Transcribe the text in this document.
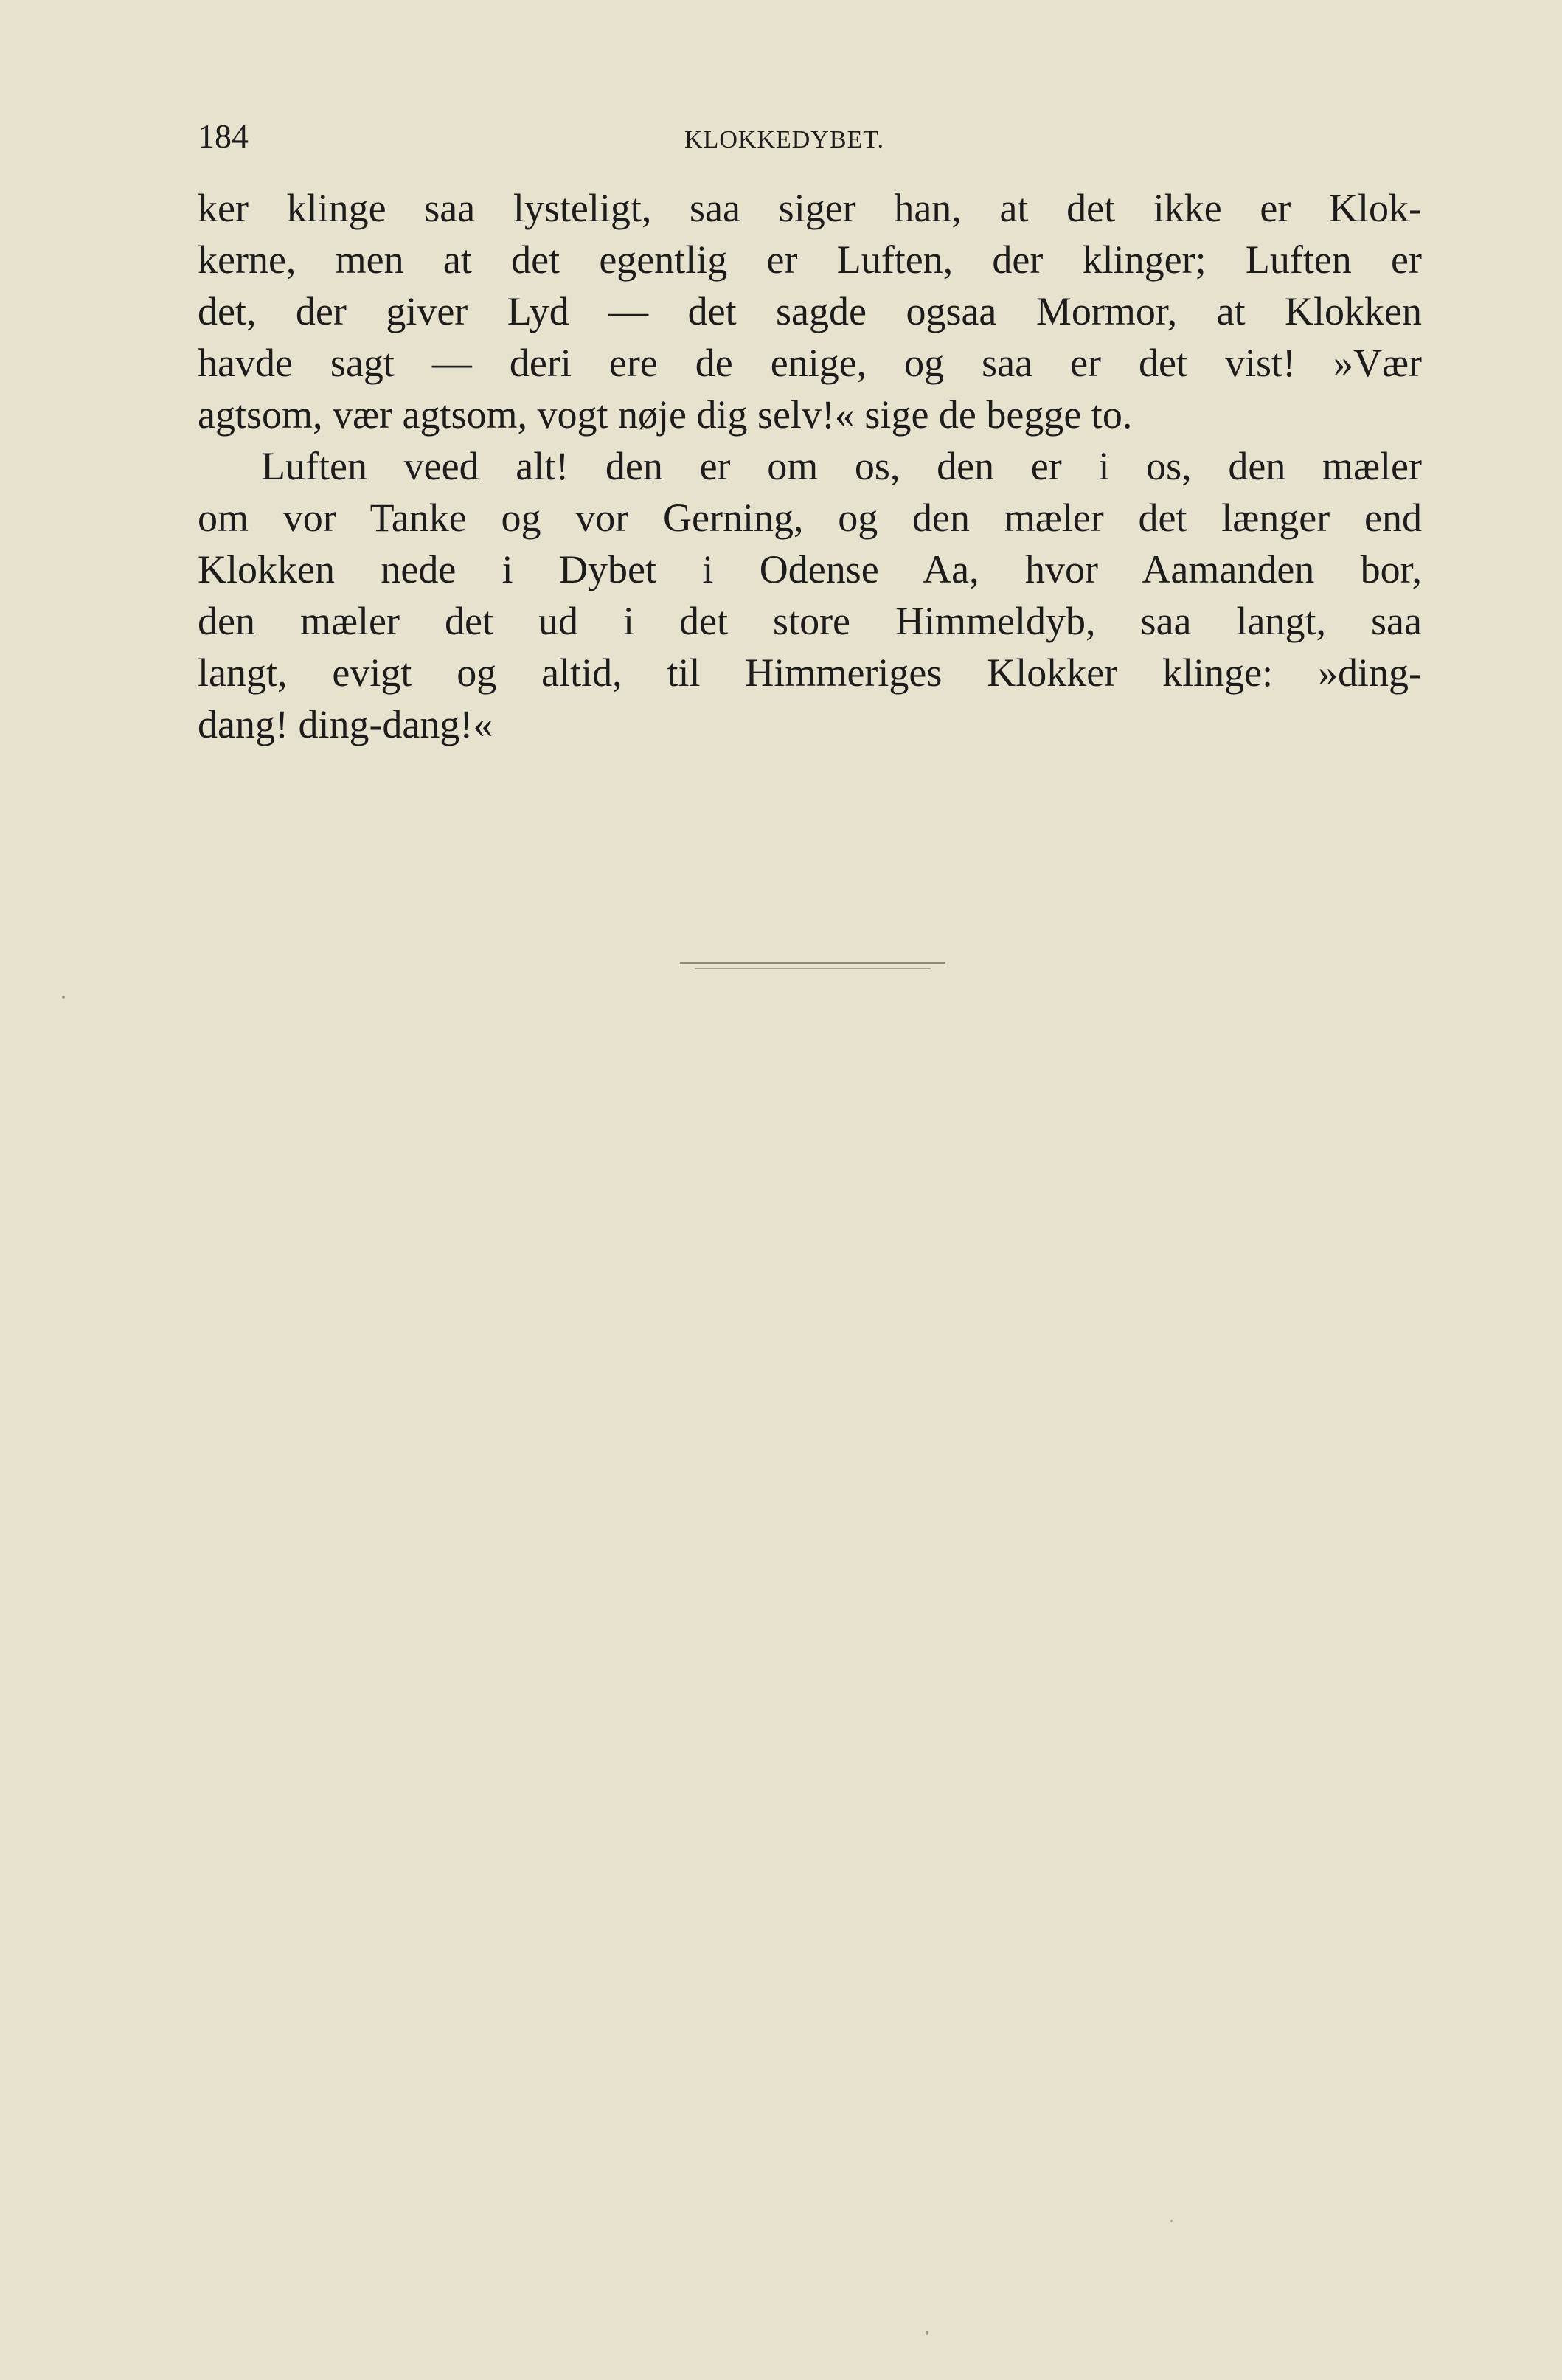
184	KLOKKEDYBET.
ker klinge saa lysteligt, saa siger han, at det ikke er Klok-
kerne, men at det egentlig er Luften, der klinger; Luften er
det, der giver Lyd — det sagde ogsaa Mormor, at Klokken
havde sagt — deri ere de enige, og saa er det vist! »Vær
agtsom, vær agtsom, vogt nøje dig selv!« sige de begge to.
Luften veed alt! den er om os, den er i os, den mæler
om vor Tanke og vor Gerning, og den mæler det længer end
Klokken nede i Dybet i Odense Aa, hvor Aamanden bor,
den mæler det ud i det store Himmeldyb, saa langt, saa
langt, evigt og altid, til Himmeriges Klokker klinge: »ding-
dang! ding-dang!«
